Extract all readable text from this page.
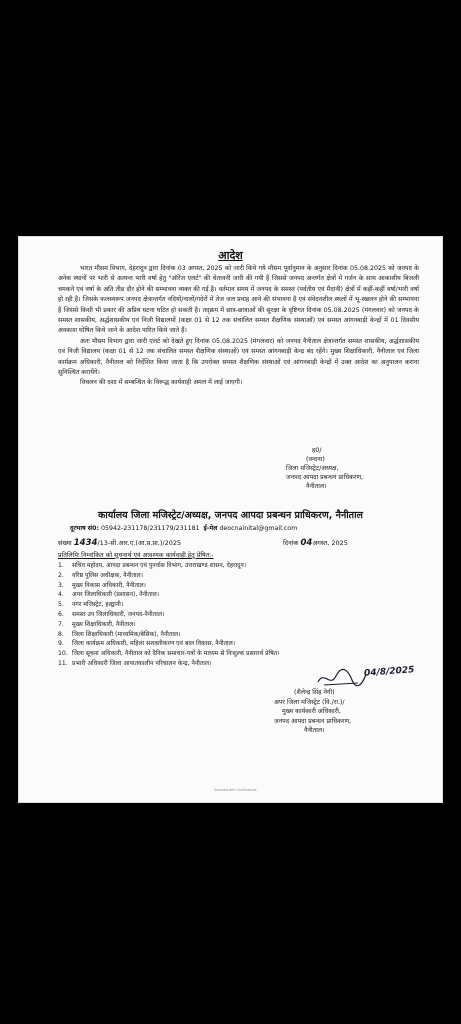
आदेश

भारत मौसम विभाग, देहरादून द्वारा दिनांक 03 अगस्त, 2025 को जारी किये गये मौसम पूर्वानुमान के अनुसार दिनांक 05.08.2025 को जनपद के अनेक स्थानों पर भारी से अत्यन्त भारी वर्षा हेतु "ऑरेंज एलर्ट" की चेतावनी जारी की गयी है जिससे जनपद अन्तर्गत क्षेत्रों में गर्जन के साथ आकाशीय बिजली चमकने एवं वर्षा के अति तीव्र दौर होने की सम्भावना व्यक्त की गई है। वर्तमान समय में जनपद के समस्त (पर्वतीय एवं मैदानी) क्षेत्रों में कहीं-कहीं वर्षा/भारी वर्षा हो रही है। जिसके फलस्वरूप जनपद क्षेत्रान्तर्गत नदियों/नालों/गदेरों में तेज जल प्रवाह आने की संभावना है एवं संवेदनशील स्थलों में भू-स्खलन होने की सम्भावना है जिससे किसी भी प्रकार की अप्रिय घटना घटित हो सकती है। तद्क्रम में छात्र-छात्राओं की सुरक्षा के दृष्टिगत दिनांक 05.08.2025 (मंगलवार) को जनपद के समस्त शासकीय, अर्द्धशासकीय एवं निजी विद्यालयों (कक्षा 01 से 12 तक संचालित समस्त शैक्षणिक संस्थाओं) एवं समस्त आंगनबाड़ी केन्द्रों में 01 दिवसीय अवकाश घोषित किये जाने के आदेश पारित किये जाते हैं।

अतः मौसम विभाग द्वारा जारी एलर्ट को देखते हुए दिनांक 05.08.2025 (मंगलवार) को जनपद नैनीताल क्षेत्रान्तर्गत समस्त शासकीय, अर्द्धशासकीय एवं निजी विद्यालय (कक्षा 01 से 12 तक संचालित समस्त शैक्षणिक संस्थाओं) एवं समस्त आंगनबाड़ी केन्द्र बंद रहेंगे। मुख्य शिक्षाधिकारी, नैनीताल एवं जिला कार्यक्रम अधिकारी, नैनीताल को निर्देशित किया जाता है कि उपरोक्त समस्त शैक्षणिक संस्थाओं एवं आंगनबाड़ी केन्द्रों में उक्त आदेश का अनुपालन कराना सुनिश्चित करायेंगे।

विचलन की दशा में सम्बन्धित के विरूद्ध कार्यवाही अमल में लाई जाएगी।

ह0/
(वन्दना)
जिला मजिस्ट्रेट/अध्यक्ष,
जनपद आपदा प्रबन्धन प्राधिकरण,
नैनीताल।
कार्यालय जिला मजिस्ट्रेट/अध्यक्ष, जनपद आपदा प्रबन्धन प्राधिकरण, नैनीताल
दूरभाष सं0: 05942-231178/231179/231181 ई-मेल deocnainital@gmail.com
संख्या 1434/13-सी.आर.ए.(आ.प्र.प्रा.)/2025	दिनांक 04अगस्त, 2025
प्रतिलिपिः निम्नांकित को सूचनार्थ एवं आवश्यक कार्यवाही हेतु प्रेषित:-
1. सचिव महोदय, आपदा प्रबन्धन एवं पुनर्वास विभाग, उत्तराखण्ड शासन, देहरादून।
2. वरिष्ठ पुलिस अधीक्षक, नैनीताल।
3. मुख्य विकास अधिकारी, नैनीताल।
4. अपर जिलाधिकारी (प्रशासन), नैनीताल।
5. नगर मजिस्ट्रेट, हल्द्वानी।
6. समस्त उप जिलाधिकारी, जनपद-नैनीताल।
7. मुख्य शिक्षाधिकारी, नैनीताल।
8. जिला शिक्षाधिकारी (माध्यमिक/बेसिक), नैनीताल।
9. जिला कार्यक्रम अधिकारी, महिला सशक्तीकरण एवं बाल विकास, नैनीताल।
10. जिला सूचना अधिकारी, नैनीताल को दैनिक समाचार-पत्रों के माध्यम से निःशुल्क प्रसारार्थ प्रेषित।
11. प्रभारी अधिकारी जिला आपातकालीन परिचालन केन्द्र, नैनीताल।
04/8/2025
(शैलेन्द्र सिंह नेगी)
अपर जिला मजिस्ट्रेट (वि./रा.)/
मुख्य कार्यकारी अधिकारी,
जनपद आपदा प्रबन्धन प्राधिकरण,
नैनीताल।
Scanned with CamScanner
